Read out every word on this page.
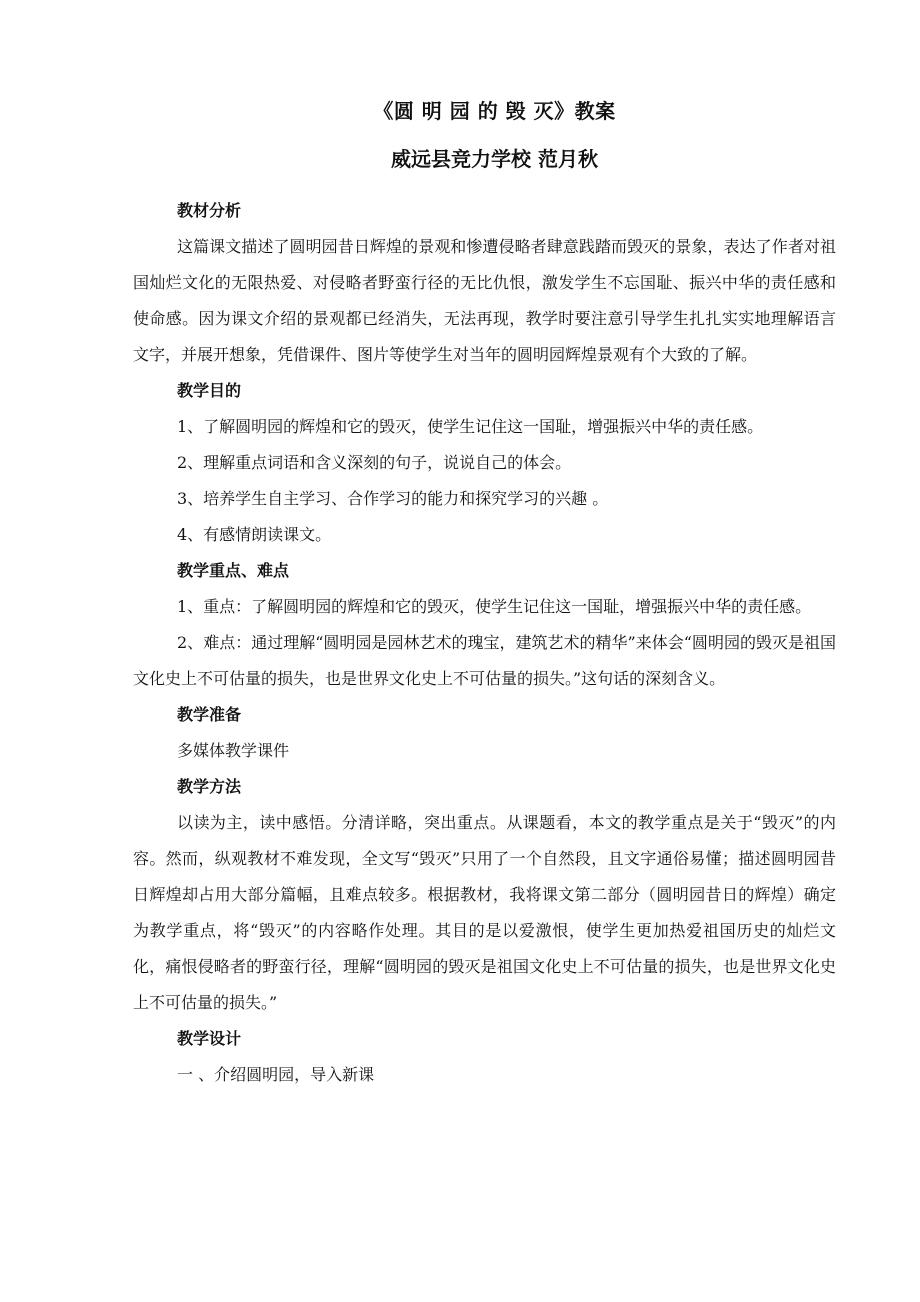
《圆 明 园 的 毁 灭》教案
威远县竞力学校 范月秋
教材分析

这篇课文描述了圆明园昔日辉煌的景观和惨遭侵略者肆意践踏而毁灭的景象，表达了作者对祖国灿烂文化的无限热爱、对侵略者野蛮行径的无比仇恨，激发学生不忘国耻、振兴中华的责任感和使命感。因为课文介绍的景观都已经消失，无法再现，教学时要注意引导学生扎扎实实地理解语言文字，并展开想象，凭借课件、图片等使学生对当年的圆明园辉煌景观有个大致的了解。

教学目的

1、了解圆明园的辉煌和它的毁灭，使学生记住这一国耻，增强振兴中华的责任感。

2、理解重点词语和含义深刻的句子，说说自己的体会。

3、培养学生自主学习、合作学习的能力和探究学习的兴趣 。

4、有感情朗读课文。

教学重点、难点

1、重点：了解圆明园的辉煌和它的毁灭，使学生记住这一国耻，增强振兴中华的责任感。

2、难点：通过理解“圆明园是园林艺术的瑰宝，建筑艺术的精华”来体会“圆明园的毁灭是祖国文化史上不可估量的损失，也是世界文化史上不可估量的损失。”这句话的深刻含义。

教学准备

多媒体教学课件

教学方法

以读为主，读中感悟。分清详略，突出重点。从课题看，本文的教学重点是关于“毁灭”的内容。然而，纵观教材不难发现，全文写“毁灭”只用了一个自然段，且文字通俗易懂；描述圆明园昔日辉煌却占用大部分篇幅，且难点较多。根据教材，我将课文第二部分（圆明园昔日的辉煌）确定为教学重点，将“毁灭”的内容略作处理。其目的是以爱激恨，使学生更加热爱祖国历史的灿烂文化，痛恨侵略者的野蛮行径，理解“圆明园的毁灭是祖国文化史上不可估量的损失，也是世界文化史上不可估量的损失。”

教学设计

一 、介绍圆明园，导入新课
